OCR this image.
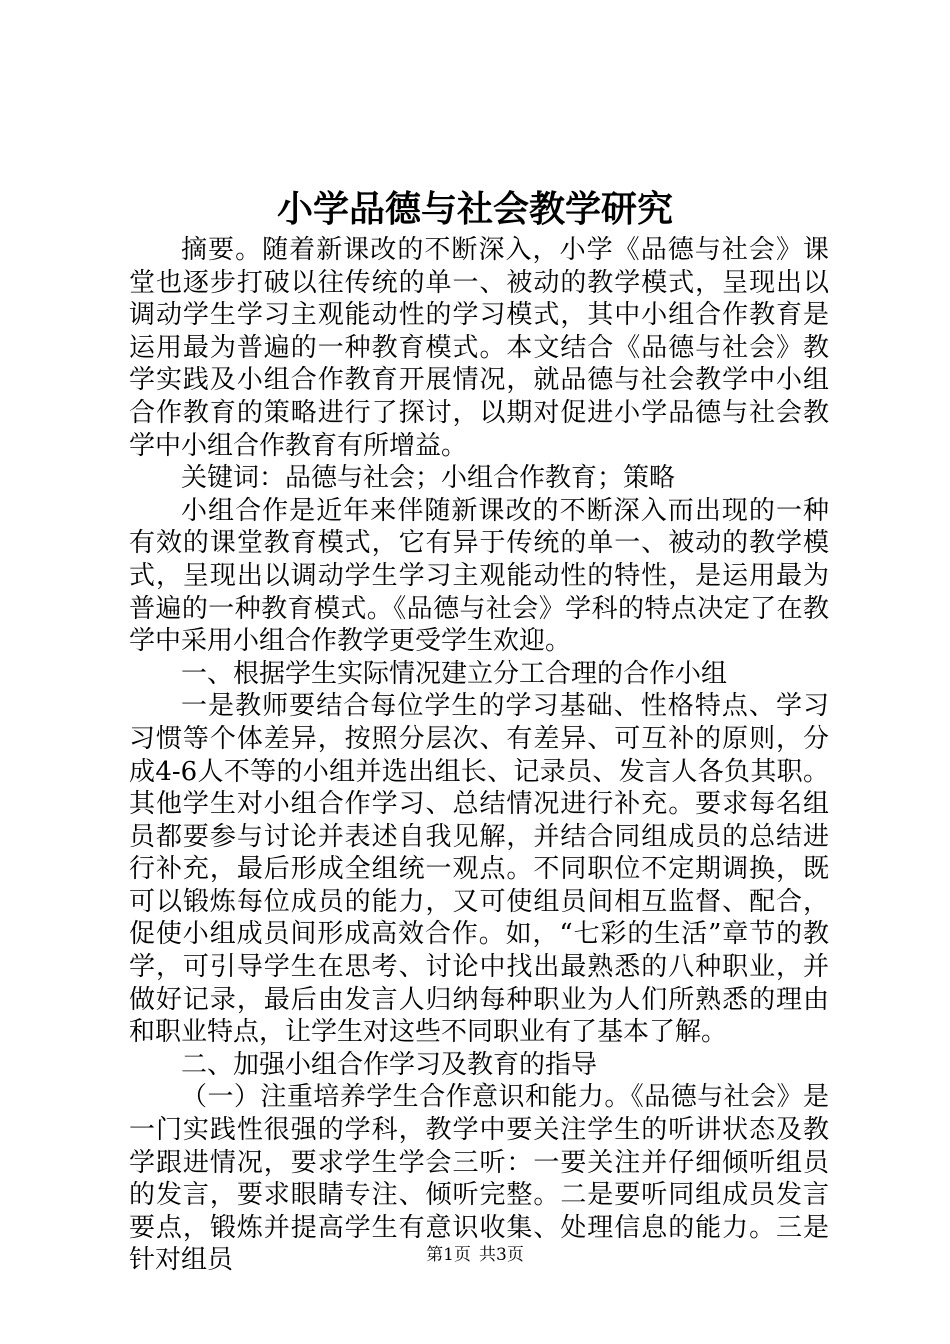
小学品德与社会教学研究

摘要。随着新课改的不断深入，小学《品德与社会》课堂也逐步打破以往传统的单一、被动的教学模式，呈现出以调动学生学习主观能动性的学习模式，其中小组合作教育是运用最为普遍的一种教育模式。本文结合《品德与社会》教学实践及小组合作教育开展情况，就品德与社会教学中小组合作教育的策略进行了探讨，以期对促进小学品德与社会教学中小组合作教育有所增益。

关键词：品德与社会；小组合作教育；策略

小组合作是近年来伴随新课改的不断深入而出现的一种有效的课堂教育模式，它有异于传统的单一、被动的教学模式，呈现出以调动学生学习主观能动性的特性，是运用最为普遍的一种教育模式。《品德与社会》学科的特点决定了在教学中采用小组合作教学更受学生欢迎。

一、根据学生实际情况建立分工合理的合作小组

一是教师要结合每位学生的学习基础、性格特点、学习习惯等个体差异，按照分层次、有差异、可互补的原则，分成4-6人不等的小组并选出组长、记录员、发言人各负其职。其他学生对小组合作学习、总结情况进行补充。要求每名组员都要参与讨论并表述自我见解，并结合同组成员的总结进行补充，最后形成全组统一观点。不同职位不定期调换，既可以锻炼每位成员的能力，又可使组员间相互监督、配合，促使小组成员间形成高效合作。如，“七彩的生活”章节的教学，可引导学生在思考、讨论中找出最熟悉的八种职业，并做好记录，最后由发言人归纳每种职业为人们所熟悉的理由和职业特点，让学生对这些不同职业有了基本了解。

二、加强小组合作学习及教育的指导

（一）注重培养学生合作意识和能力。《品德与社会》是一门实践性很强的学科，教学中要关注学生的听讲状态及教学跟进情况，要求学生学会三听：一要关注并仔细倾听组员的发言，要求眼睛专注、倾听完整。二是要听同组成员发言要点，锻炼并提高学生有意识收集、处理信息的能力。三是针对组员	第1页 共3页
